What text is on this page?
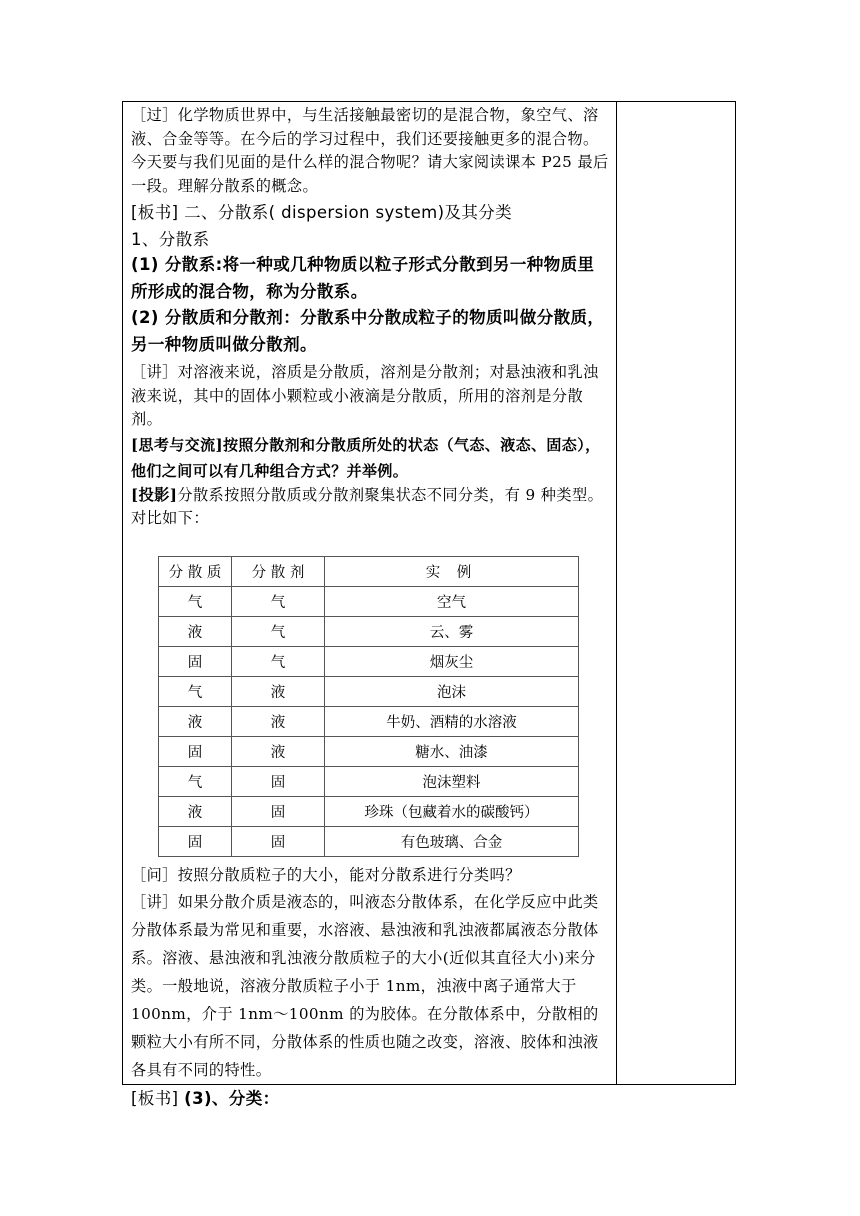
［过］化学物质世界中，与生活接触最密切的是混合物，象空气、溶液、合金等等。在今后的学习过程中，我们还要接触更多的混合物。今天要与我们见面的是什么样的混合物呢？请大家阅读课本 P25 最后一段。理解分散系的概念。

[板书] 二、分散系( dispersion system)及其分类

1、分散系

(1) 分散系:将一种或几种物质以粒子形式分散到另一种物质里所形成的混合物，称为分散系。

(2) 分散质和分散剂：分散系中分散成粒子的物质叫做分散质，另一种物质叫做分散剂。

［讲］对溶液来说，溶质是分散质，溶剂是分散剂；对悬浊液和乳浊液来说，其中的固体小颗粒或小液滴是分散质，所用的溶剂是分散剂。

[思考与交流]按照分散剂和分散质所处的状态（气态、液态、固态），他们之间可以有几种组合方式？并举例。

[投影]分散系按照分散质或分散剂聚集状态不同分类，有 9 种类型。对比如下：

分 散 质	分 散 剂	实 例
气	气	空气
液	气	云、雾
固	气	烟灰尘
气	液	泡沫
液	液	牛奶、酒精的水溶液
固	液	糖水、油漆
气	固	泡沫塑料
液	固	珍珠（包藏着水的碳酸钙）
固	固	有色玻璃、合金

［问］按照分散质粒子的大小，能对分散系进行分类吗？

［讲］如果分散介质是液态的，叫液态分散体系，在化学反应中此类分散体系最为常见和重要，水溶液、悬浊液和乳浊液都属液态分散体系。溶液、悬浊液和乳浊液分散质粒子的大小(近似其直径大小)来分类。一般地说，溶液分散质粒子小于 1nm，浊液中离子通常大于 100nm，介于 1nm～100nm 的为胶体。在分散体系中，分散相的颗粒大小有所不同，分散体系的性质也随之改变，溶液、胶体和浊液各具有不同的特性。

[板书] (3)、分类：
